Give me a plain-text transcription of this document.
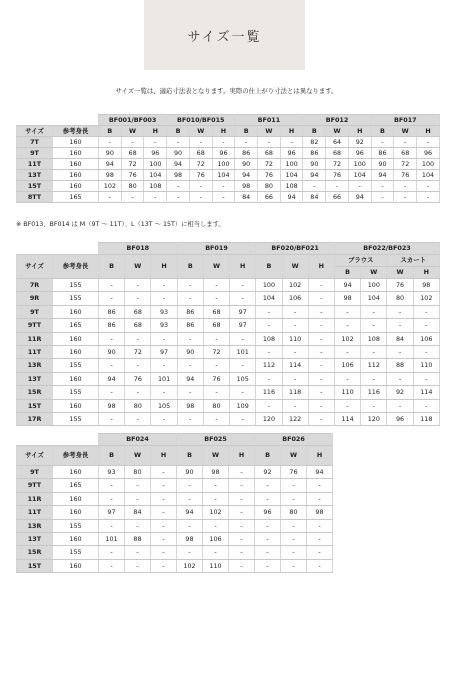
サイズ一覧
サイズ一覧は、適応寸法表となります。実際の仕上がり寸法とは異なります。
		BF001/BF003			BF010/BF015			BF011			BF012			BF017		
サイズ	参考身長	B	W	H	B	W	H	B	W	H	B	W	H	B	W	H
7T	160	-	-	-	-	-	-	-	-	-	82	64	92	-	-	-
9T	160	90	68	96	90	68	96	86	68	96	86	68	96	86	68	96
11T	160	94	72	100	94	72	100	90	72	100	90	72	100	90	72	100
13T	160	98	76	104	98	76	104	94	76	104	94	76	104	94	76	104
15T	160	102	80	108	-	-	-	98	80	108	-	-	-	-	-	-
8TT	165	-	-	-	-	-	-	84	66	94	84	66	94	-	-	-
※ BF013、BF014 は M（9T ～ 11T）、L（13T ～ 15T）に相当します。
		BF018			BF019			BF020/BF021			BF022/BF023			
サイズ	参考身長	B	W	H	B	W	H	B	W	H	ブラウス		スカート	
											B	W	W	H
7R	155	-	-	-	-	-	-	100	102	-	94	100	76	98
9R	155	-	-	-	-	-	-	104	106	-	98	104	80	102
9T	160	86	68	93	86	68	97	-	-	-	-	-	-	-
9TT	165	86	68	93	86	68	97	-	-	-	-	-	-	-
11R	160	-	-	-	-	-	-	108	110	-	102	108	84	106
11T	160	90	72	97	90	72	101	-	-	-	-	-	-	-
13R	155	-	-	-	-	-	-	112	114	-	106	112	88	110
13T	160	94	76	101	94	76	105	-	-	-	-	-	-	-
15R	155	-	-	-	-	-	-	116	118	-	110	116	92	114
15T	160	98	80	105	98	80	109	-	-	-	-	-	-	-
17R	155	-	-	-	-	-	-	120	122	-	114	120	96	118
		BF024			BF025			BF026		
サイズ	参考身長	B	W	H	B	W	H	B	W	H
9T	160	93	80	-	90	98	-	92	76	94
9TT	165	-	-	-	-	-	-	-	-	-
11R	160	-	-	-	-	-	-	-	-	-
11T	160	97	84	-	94	102	-	96	80	98
13R	155	-	-	-	-	-	-	-	-	-
13T	160	101	88	-	98	106	-	-	-	-
15R	155	-	-	-	-	-	-	-	-	-
15T	160	-	-	-	102	110	-	-	-	-
